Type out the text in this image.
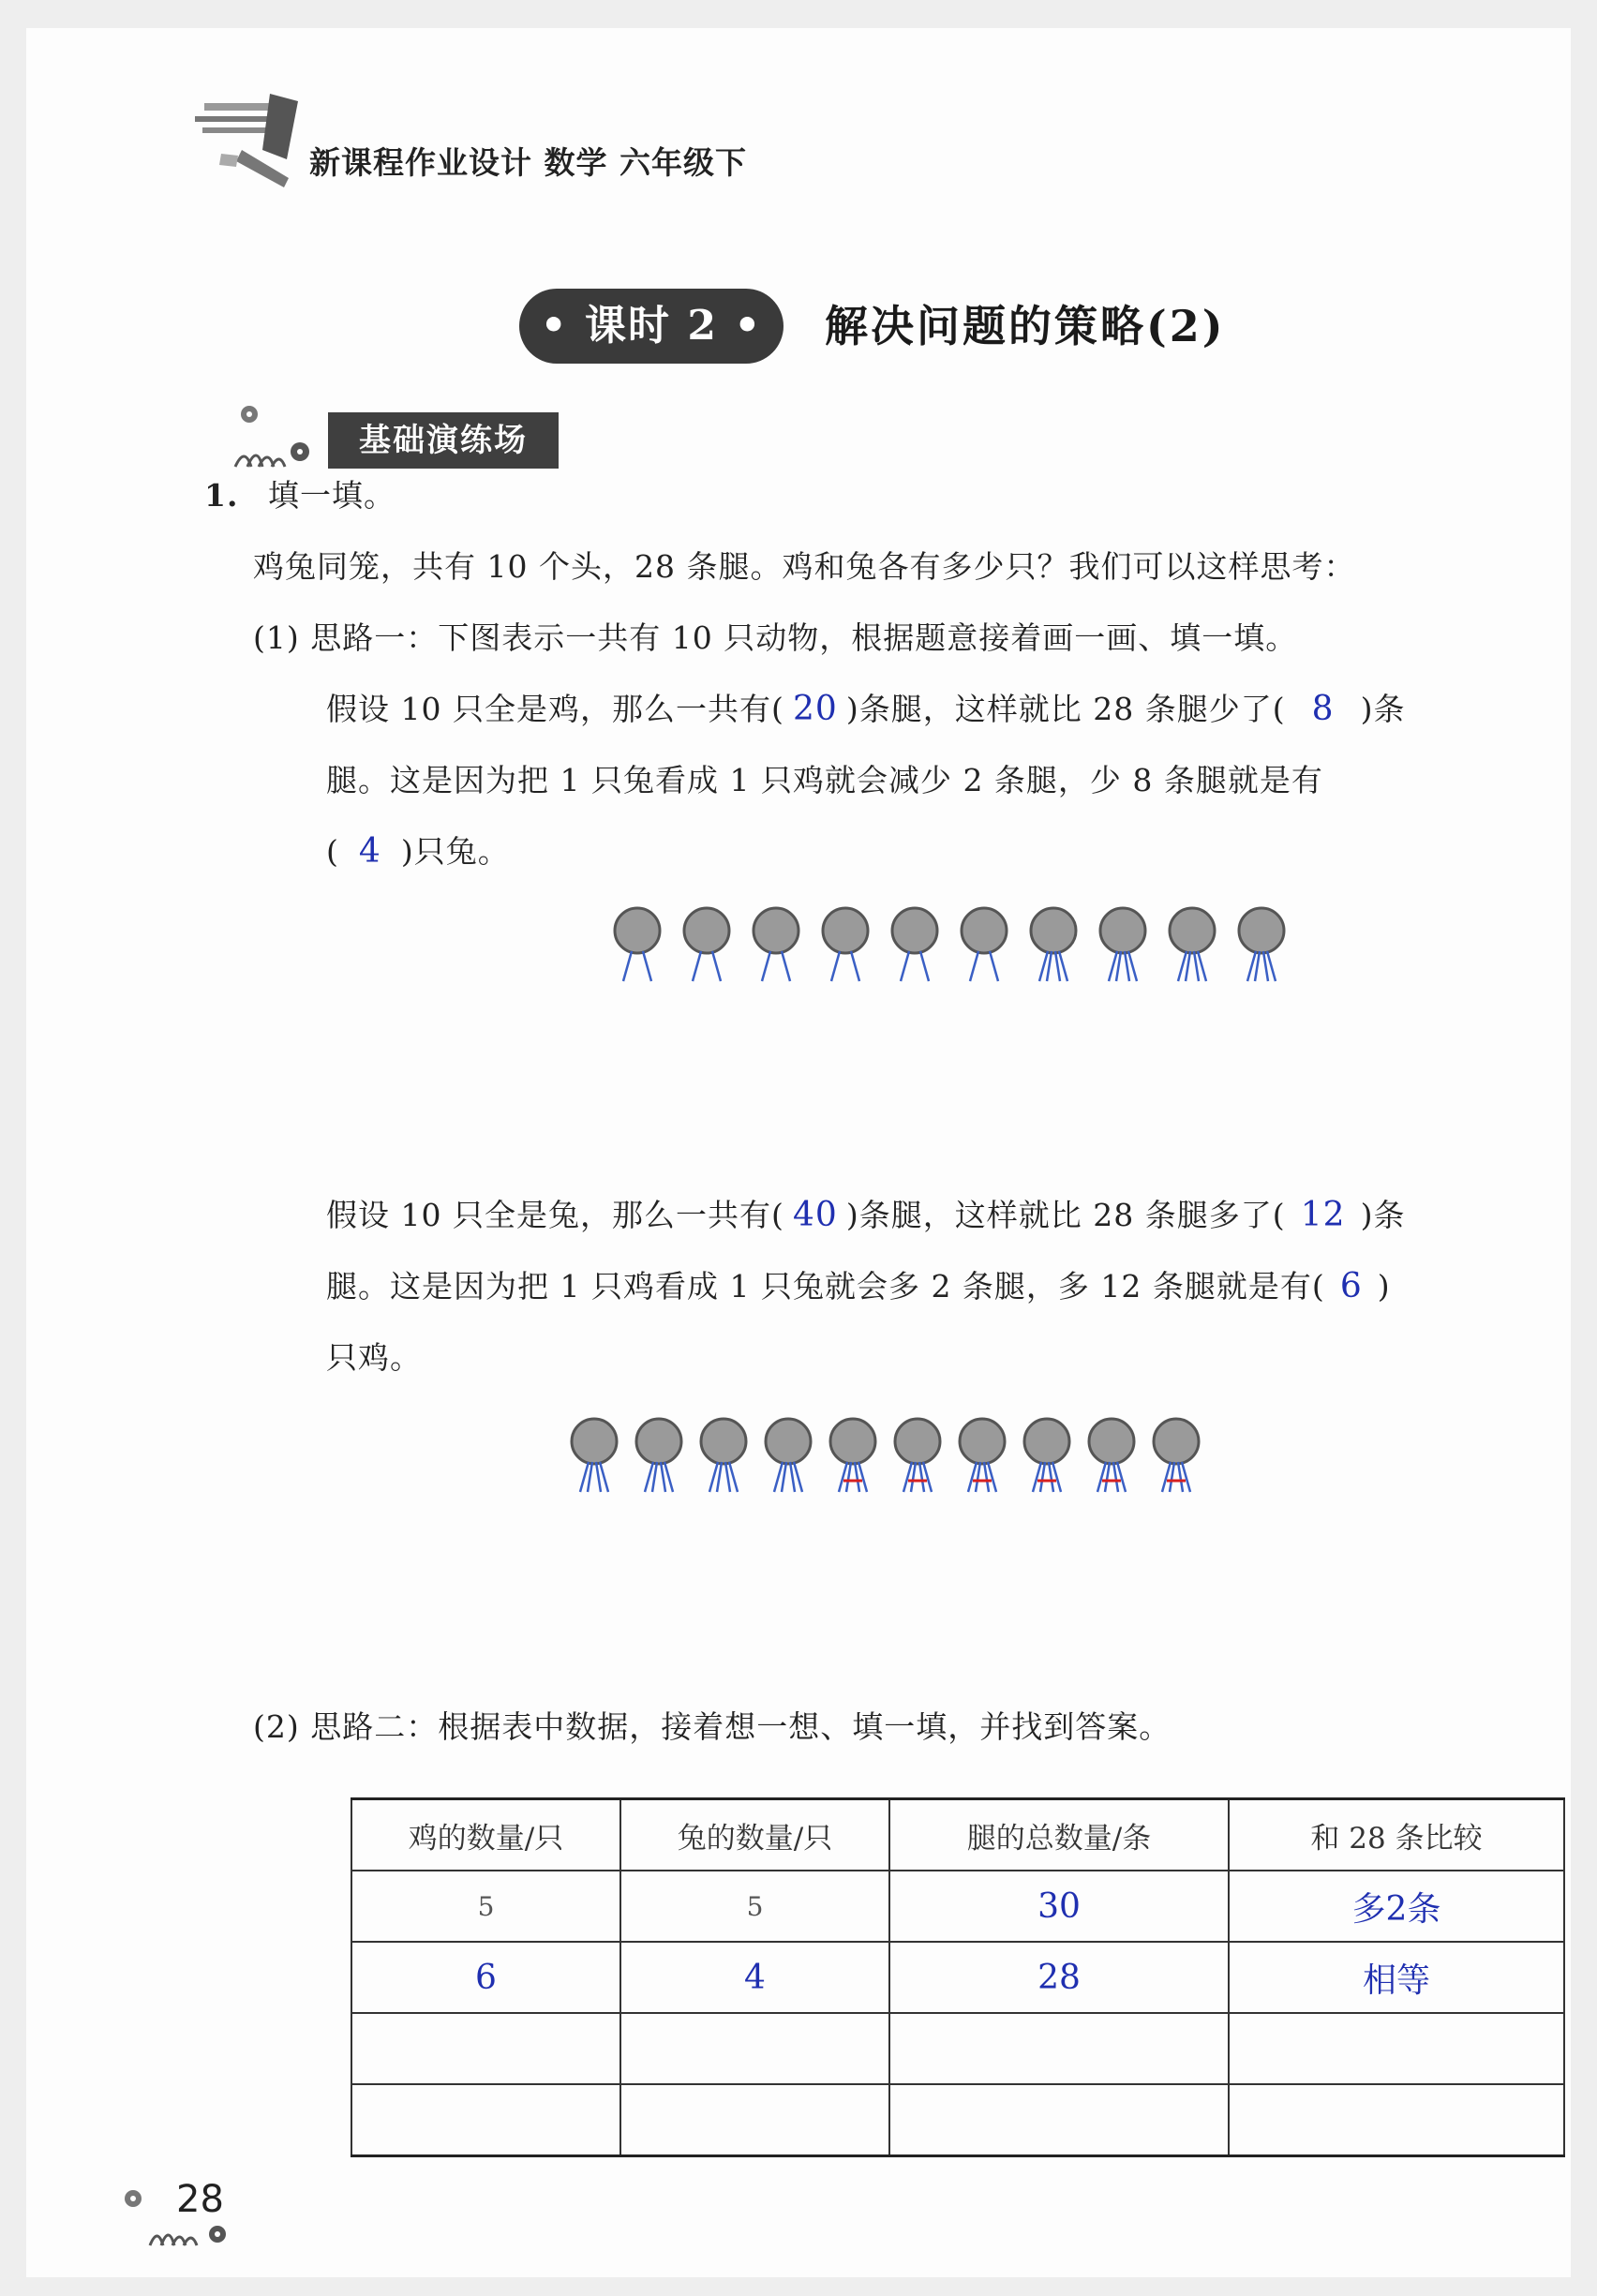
新课程作业设计 数学 六年级下
• 课时 2 •	解决问题的策略(2)
基础演练场
1. 填一填。
鸡兔同笼，共有 10 个头，28 条腿。鸡和兔各有多少只？我们可以这样思考：
(1) 思路一：下图表示一共有 10 只动物，根据题意接着画一画、填一填。
假设 10 只全是鸡，那么一共有( 20 )条腿，这样就比 28 条腿少了( 8 )条
腿。这是因为把 1 只兔看成 1 只鸡就会减少 2 条腿，少 8 条腿就是有
( 4 )只兔。
假设 10 只全是兔，那么一共有( 40 )条腿，这样就比 28 条腿多了( 12 )条
腿。这是因为把 1 只鸡看成 1 只兔就会多 2 条腿，多 12 条腿就是有( 6 )
只鸡。
(2) 思路二：根据表中数据，接着想一想、填一填，并找到答案。
鸡的数量/只	兔的数量/只	腿的总数量/条	和 28 条比较
5	5	30	多2条
6	4	28	相等

28
